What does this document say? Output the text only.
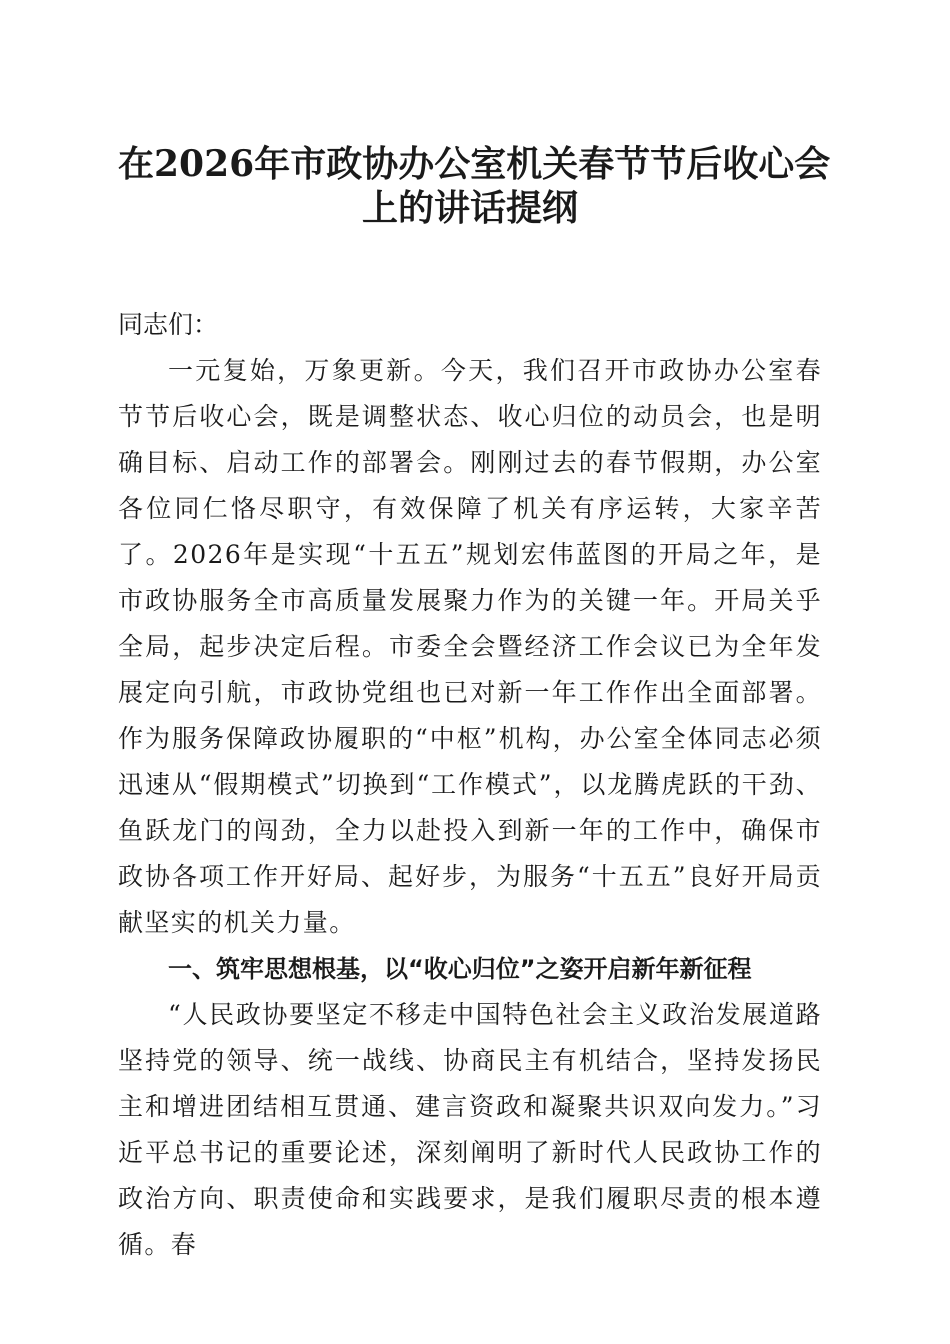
在2026年市政协办公室机关春节节后收心会
上的讲话提纲

同志们：

一元复始，万象更新。今天，我们召开市政协办公室春节节后收心会，既是调整状态、收心归位的动员会，也是明确目标、启动工作的部署会。刚刚过去的春节假期，办公室各位同仁恪尽职守，有效保障了机关有序运转，大家辛苦了。2026年是实现“十五五”规划宏伟蓝图的开局之年，是市政协服务全市高质量发展聚力作为的关键一年。开局关乎全局，起步决定后程。市委全会暨经济工作会议已为全年发展定向引航，市政协党组也已对新一年工作作出全面部署。作为服务保障政协履职的“中枢”机构，办公室全体同志必须迅速从“假期模式”切换到“工作模式”，以龙腾虎跃的干劲、鱼跃龙门的闯劲，全力以赴投入到新一年的工作中，确保市政协各项工作开好局、起好步，为服务“十五五”良好开局贡献坚实的机关力量。

一、筑牢思想根基，以“收心归位”之姿开启新年新征程

“人民政协要坚定不移走中国特色社会主义政治发展道路坚持党的领导、统一战线、协商民主有机结合，坚持发扬民主和增进团结相互贯通、建言资政和凝聚共识双向发力。”习近平总书记的重要论述，深刻阐明了新时代人民政协工作的政治方向、职责使命和实践要求，是我们履职尽责的根本遵循。春
